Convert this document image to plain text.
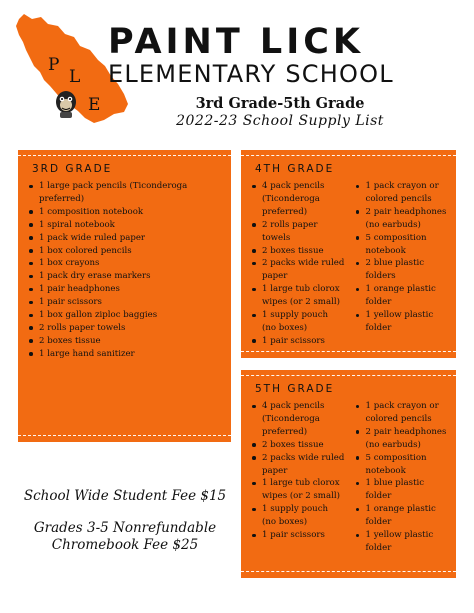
P
L
E
PAINT LICK
ELEMENTARY SCHOOL
3rd Grade-5th Grade
2022-23 School Supply List
3RD GRADE
1 large pack pencils (Ticonderoga preferred)
1 composition notebook
1 spiral notebook
1 pack wide ruled paper
1 box colored pencils
1 box crayons
1 pack dry erase markers
1 pair headphones
1 pair scissors
1 box gallon ziploc baggies
2 rolls paper towels
2 boxes tissue
1 large hand sanitizer
4TH GRADE
4 pack pencils (Ticonderoga preferred)
2 rolls paper towels
2 boxes tissue
2 packs wide ruled paper
1 large tub clorox wipes (or 2 small)
1 supply pouch (no boxes)
1 pair scissors
1 pack crayon or colored pencils
2 pair headphones (no earbuds)
5 composition notebook
2 blue plastic folders
1 orange plastic folder
1 yellow plastic folder
5TH GRADE
4 pack pencils (Ticonderoga preferred)
2 boxes tissue
2 packs wide ruled paper
1 large tub clorox wipes (or 2 small)
1 supply pouch (no boxes)
1 pair scissors
1 pack crayon or colored pencils
2 pair headphones (no earbuds)
5 composition notebook
1 blue plastic folder
1 orange plastic folder
1 yellow plastic folder
School Wide Student Fee $15
Grades 3-5 Nonrefundable
Chromebook Fee $25
